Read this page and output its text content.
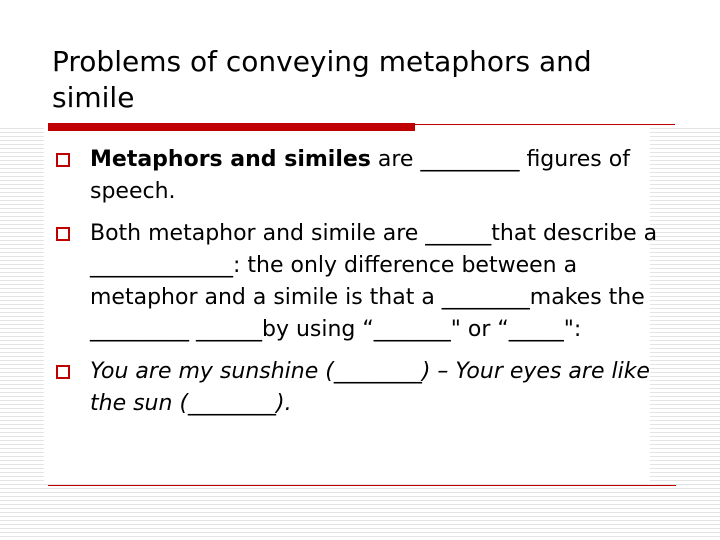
Problems of conveying metaphors and simile
Metaphors and similes are _________ figures of speech.
Both metaphor and simile are ______that describe a _____________: the only difference between a metaphor and a simile is that a ________makes the _________ ______by using “_______" or “_____":
You are my sunshine (________) – Your eyes are like the sun (________).
